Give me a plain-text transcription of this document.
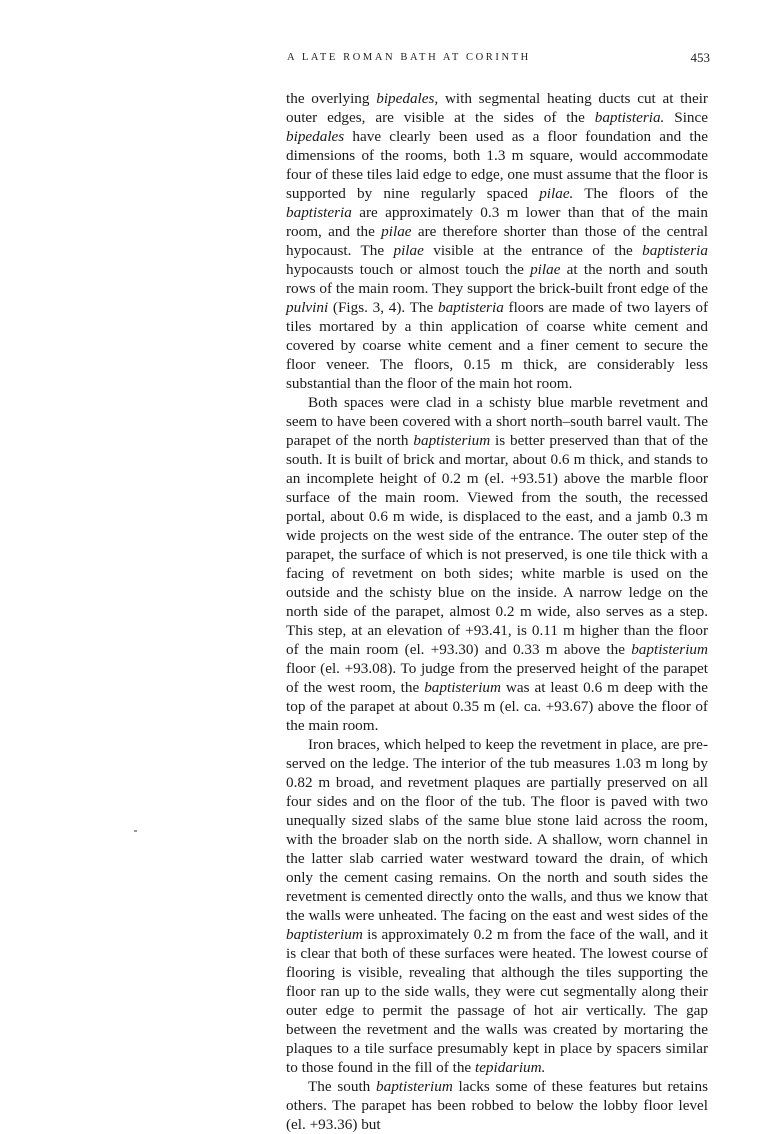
A LATE ROMAN BATH AT CORINTH	453

the overlying bipedales, with segmental heating ducts cut at their outer edges, are visible at the sides of the baptisteria. Since bipedales have clearly been used as a floor foundation and the dimensions of the rooms, both 1.3 m square, would accommodate four of these tiles laid edge to edge, one must assume that the floor is supported by nine regularly spaced pilae. The floors of the baptisteria are approximately 0.3 m lower than that of the main room, and the pilae are therefore shorter than those of the central hypocaust. The pilae visible at the entrance of the baptisteria hypocausts touch or almost touch the pilae at the north and south rows of the main room. They support the brick-built front edge of the pulvini (Figs. 3, 4). The baptisteria floors are made of two layers of tiles mortared by a thin application of coarse white cement and covered by coarse white cement and a finer cement to secure the floor veneer. The floors, 0.15 m thick, are considerably less substantial than the floor of the main hot room.

Both spaces were clad in a schisty blue marble revetment and seem to have been covered with a short north–south barrel vault. The parapet of the north baptisterium is better preserved than that of the south. It is built of brick and mortar, about 0.6 m thick, and stands to an incomplete height of 0.2 m (el. +93.51) above the marble floor surface of the main room. Viewed from the south, the recessed portal, about 0.6 m wide, is displaced to the east, and a jamb 0.3 m wide projects on the west side of the entrance. The outer step of the parapet, the surface of which is not preserved, is one tile thick with a facing of revetment on both sides; white marble is used on the outside and the schisty blue on the inside. A narrow ledge on the north side of the parapet, almost 0.2 m wide, also serves as a step. This step, at an elevation of +93.41, is 0.11 m higher than the floor of the main room (el. +93.30) and 0.33 m above the baptisterium floor (el. +93.08). To judge from the preserved height of the parapet of the west room, the baptisterium was at least 0.6 m deep with the top of the parapet at about 0.35 m (el. ca. +93.67) above the floor of the main room.

Iron braces, which helped to keep the revetment in place, are preserved on the ledge. The interior of the tub measures 1.03 m long by 0.82 m broad, and revetment plaques are partially preserved on all four sides and on the floor of the tub. The floor is paved with two unequally sized slabs of the same blue stone laid across the room, with the broader slab on the north side. A shallow, worn channel in the latter slab carried water westward toward the drain, of which only the cement casing remains. On the north and south sides the revetment is cemented directly onto the walls, and thus we know that the walls were unheated. The facing on the east and west sides of the baptisterium is approximately 0.2 m from the face of the wall, and it is clear that both of these surfaces were heated. The lowest course of flooring is visible, revealing that although the tiles supporting the floor ran up to the side walls, they were cut segmentally along their outer edge to permit the passage of hot air vertically. The gap between the revetment and the walls was created by mortaring the plaques to a tile surface presumably kept in place by spacers similar to those found in the fill of the tepidarium.

The south baptisterium lacks some of these features but retains others. The parapet has been robbed to below the lobby floor level (el. +93.36) but
